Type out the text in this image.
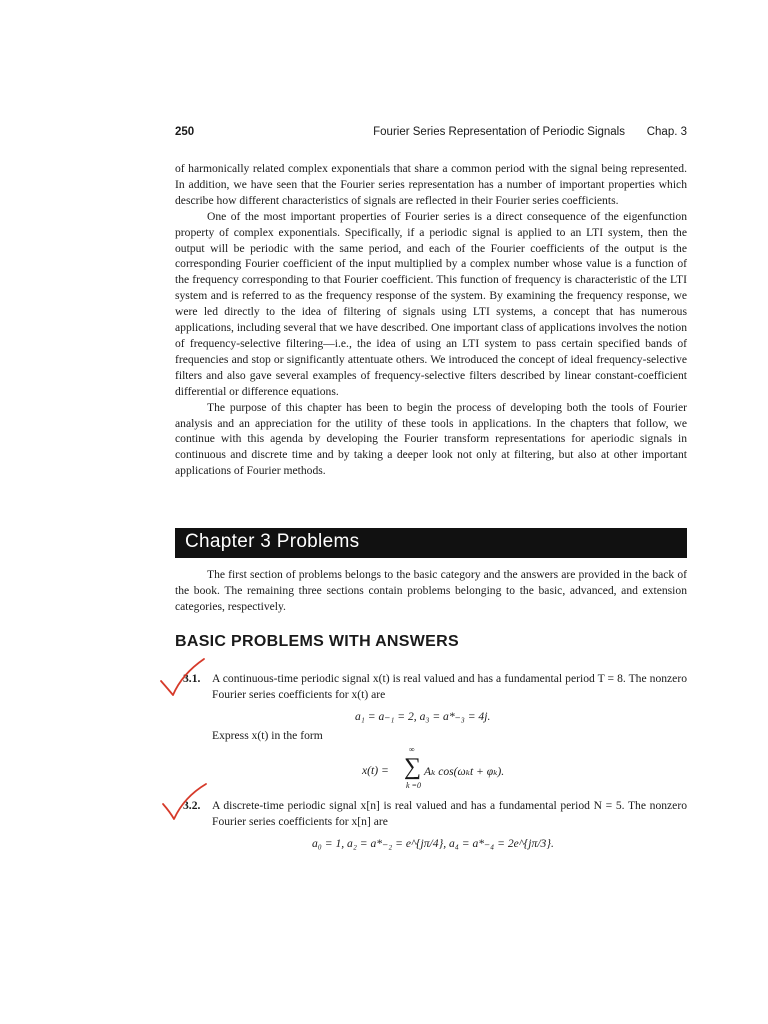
250	Fourier Series Representation of Periodic Signals Chap. 3

of harmonically related complex exponentials that share a common period with the signal being represented. In addition, we have seen that the Fourier series representation has a number of important properties which describe how different characteristics of signals are reflected in their Fourier series coefficients.

One of the most important properties of Fourier series is a direct consequence of the eigenfunction property of complex exponentials. Specifically, if a periodic signal is applied to an LTI system, then the output will be periodic with the same period, and each of the Fourier coefficients of the output is the corresponding Fourier coefficient of the input multiplied by a complex number whose value is a function of the frequency corresponding to that Fourier coefficient. This function of frequency is characteristic of the LTI system and is referred to as the frequency response of the system. By examining the frequency response, we were led directly to the idea of filtering of signals using LTI systems, a concept that has numerous applications, including several that we have described. One important class of applications involves the notion of frequency-selective filtering—i.e., the idea of using an LTI system to pass certain specified bands of frequencies and stop or significantly attentuate others. We introduced the concept of ideal frequency-selective filters and also gave several examples of frequency-selective filters described by linear constant-coefficient differential or difference equations.

The purpose of this chapter has been to begin the process of developing both the tools of Fourier analysis and an appreciation for the utility of these tools in applications. In the chapters that follow, we continue with this agenda by developing the Fourier transform representations for aperiodic signals in continuous and discrete time and by taking a deeper look not only at filtering, but also at other important applications of Fourier methods.

Chapter 3 Problems

The first section of problems belongs to the basic category and the answers are provided in the back of the book. The remaining three sections contain problems belonging to the basic, advanced, and extension categories, respectively.

BASIC PROBLEMS WITH ANSWERS
3.1. A continuous-time periodic signal x(t) is real valued and has a fundamental period T = 8. The nonzero Fourier series coefficients for x(t) are
a₁ = a₋₁ = 2, a₃ = a*₋₃ = 4j.
Express x(t) in the form
x(t) =
∞
∑
k =0
Aₖ cos(ωₖt + φₖ).
3.2. A discrete-time periodic signal x[n] is real valued and has a fundamental period N = 5. The nonzero Fourier series coefficients for x[n] are
a₀ = 1, a₂ = a*₋₂ = e^{jπ/4}, a₄ = a*₋₄ = 2e^{jπ/3}.
